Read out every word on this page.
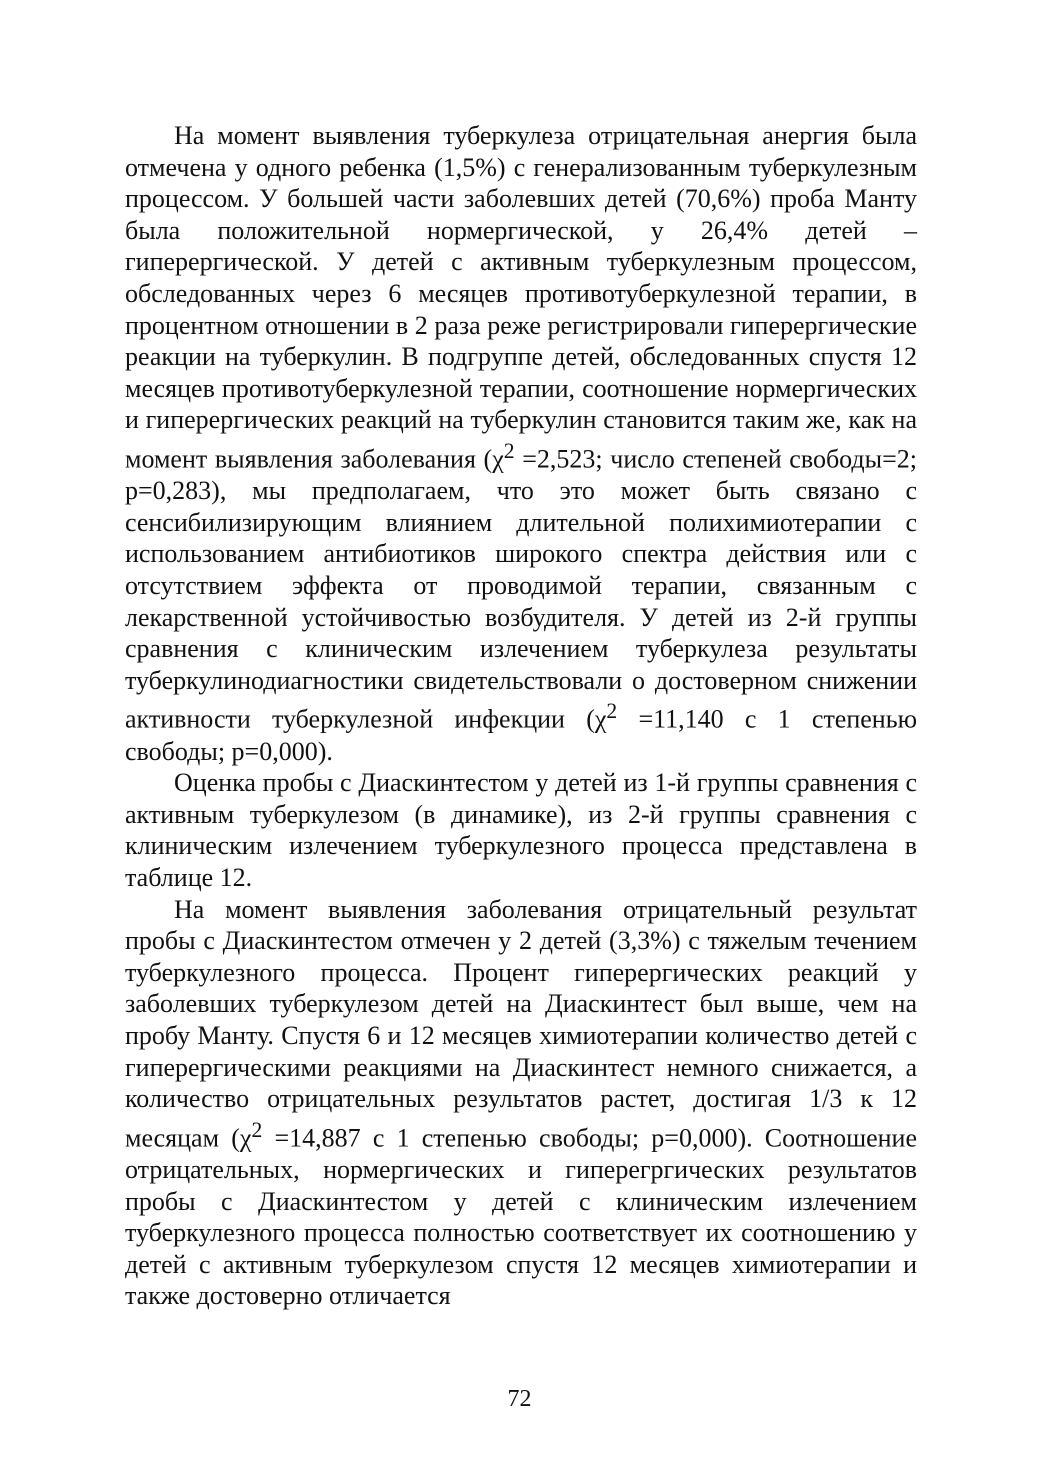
На момент выявления туберкулеза отрицательная анергия была отмечена у одного ребенка (1,5%) с генерализованным туберкулезным процессом. У большей части заболевших детей (70,6%) проба Манту была положительной нормергической, у 26,4% детей – гиперергической. У детей с активным туберкулезным процессом, обследованных через 6 месяцев противотуберкулезной терапии, в процентном отношении в 2 раза реже регистрировали гиперергические реакции на туберкулин. В подгруппе детей, обследованных спустя 12 месяцев противотуберкулезной терапии, соотношение нормергических и гиперергических реакций на туберкулин становится таким же, как на момент выявления заболевания ($\chi^2 =2,523$; число степеней свободы=2; р=0,283), мы предполагаем, что это может быть связано с сенсибилизирующим влиянием длительной полихимиотерапии с использованием антибиотиков широкого спектра действия или с отсутствием эффекта от проводимой терапии, связанным с лекарственной устойчивостью возбудителя. У детей из 2-й группы сравнения с клиническим излечением туберкулеза результаты туберкулинодиагностики свидетельствовали о достоверном снижении активности туберкулезной инфекции ($\chi^2 =11,140$ с 1 степенью свободы; р=0,000).

Оценка пробы с Диаскинтестом у детей из 1-й группы сравнения с активным туберкулезом (в динамике), из 2-й группы сравнения с клиническим излечением туберкулезного процесса представлена в таблице 12.

На момент выявления заболевания отрицательный результат пробы с Диаскинтестом отмечен у 2 детей (3,3%) с тяжелым течением туберкулезного процесса. Процент гиперергических реакций у заболевших туберкулезом детей на Диаскинтест был выше, чем на пробу Манту. Спустя 6 и 12 месяцев химиотерапии количество детей с гиперергическими реакциями на Диаскинтест немного снижается, а количество отрицательных результатов растет, достигая 1/3 к 12 месяцам ($\chi^2 =14,887$ с 1 степенью свободы; р=0,000). Соотношение отрицательных, нормергических и гиперегргических результатов пробы с Диаскинтестом у детей с клиническим излечением туберкулезного процесса полностью соответствует их соотношению у детей с активным туберкулезом спустя 12 месяцев химиотерапии и также достоверно отличается

72
